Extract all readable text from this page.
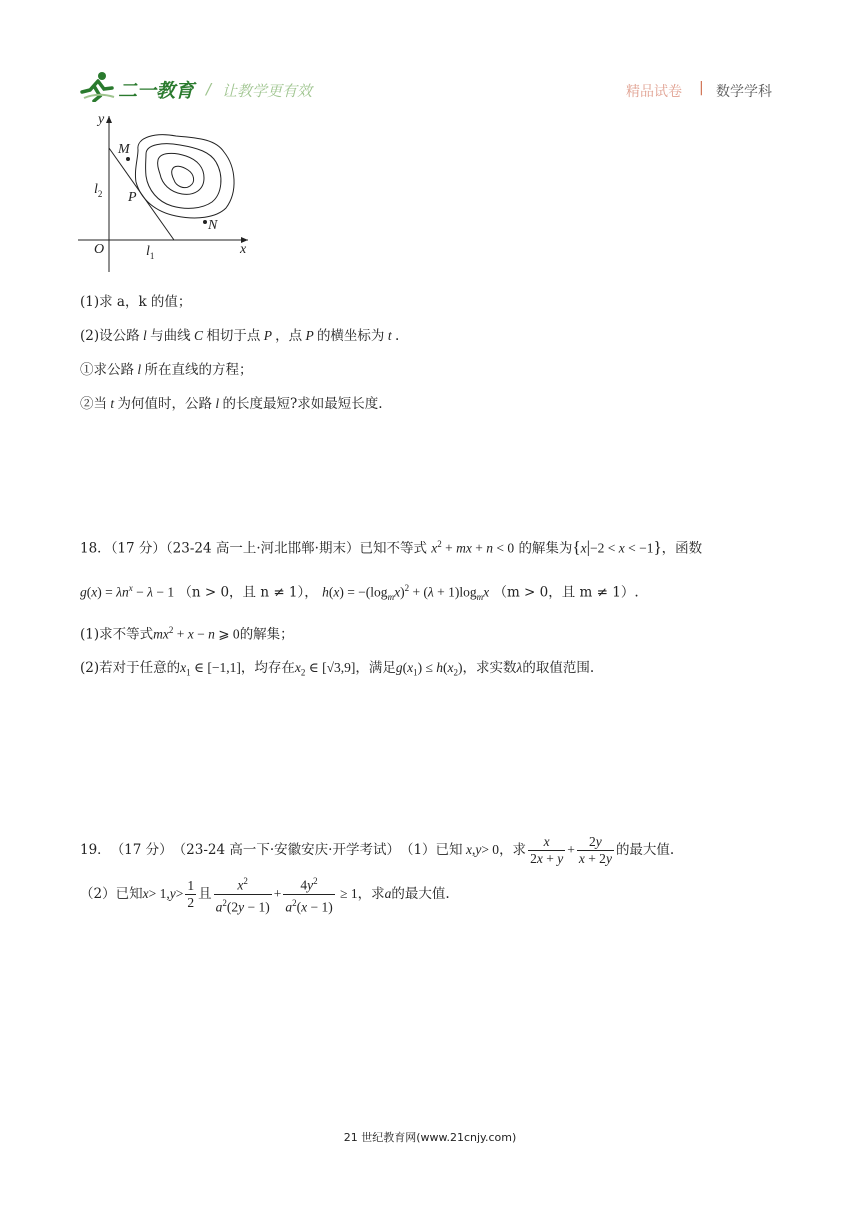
二一教育 / 让教学更有效	精品试卷 | 数学学科
y
M
$l_2$ P
N
O	$l_1$	x
(1)求 a，k 的值；
(2)设公路 l 与曲线 C 相切于点 P ，点 P 的横坐标为 t .
①求公路 l 所在直线的方程；
②当 t 为何值时，公路 l 的长度最短?求如最短长度.
18．（17 分）（23-24 高一上·河北邯郸·期末）已知不等式 $x^2$ + mx + n < 0 的解集为{x|−2 < x < −1}，函数
$g(x) = \lambda n^x - \lambda - 1$ （n > 0，且 n ≠ 1）， $h(x) = -(\log_mx)^2 + (\lambda + 1)\log_mx$ （m > 0，且 m ≠ 1）.
(1)求不等式$mx^2 + x - n$ ⩾ 0的解集；
(2)若对于任意的$x_1$ ∈ [−1,1]，均存在$x_2$ ∈ [√3,9]，满足$g(x_1) \le h(x_2)$，求实数λ的取值范围.
19． （17 分） （23-24 高一下·安徽安庆·开学考试） （1）已知 x , y > 0 ，求 $\frac{x}{2x + y} + \frac{2y}{x + 2y}$ 的最大值.
（2）已知 x > 1, $y > \frac{1}{2}$ 且 $\frac{x^2}{a^2(2y - 1)} + \frac{4y^2}{a^2(x - 1)} \ge 1$ ，求 a 的最大值.
21 世纪教育网(www.21cnjy.com)
